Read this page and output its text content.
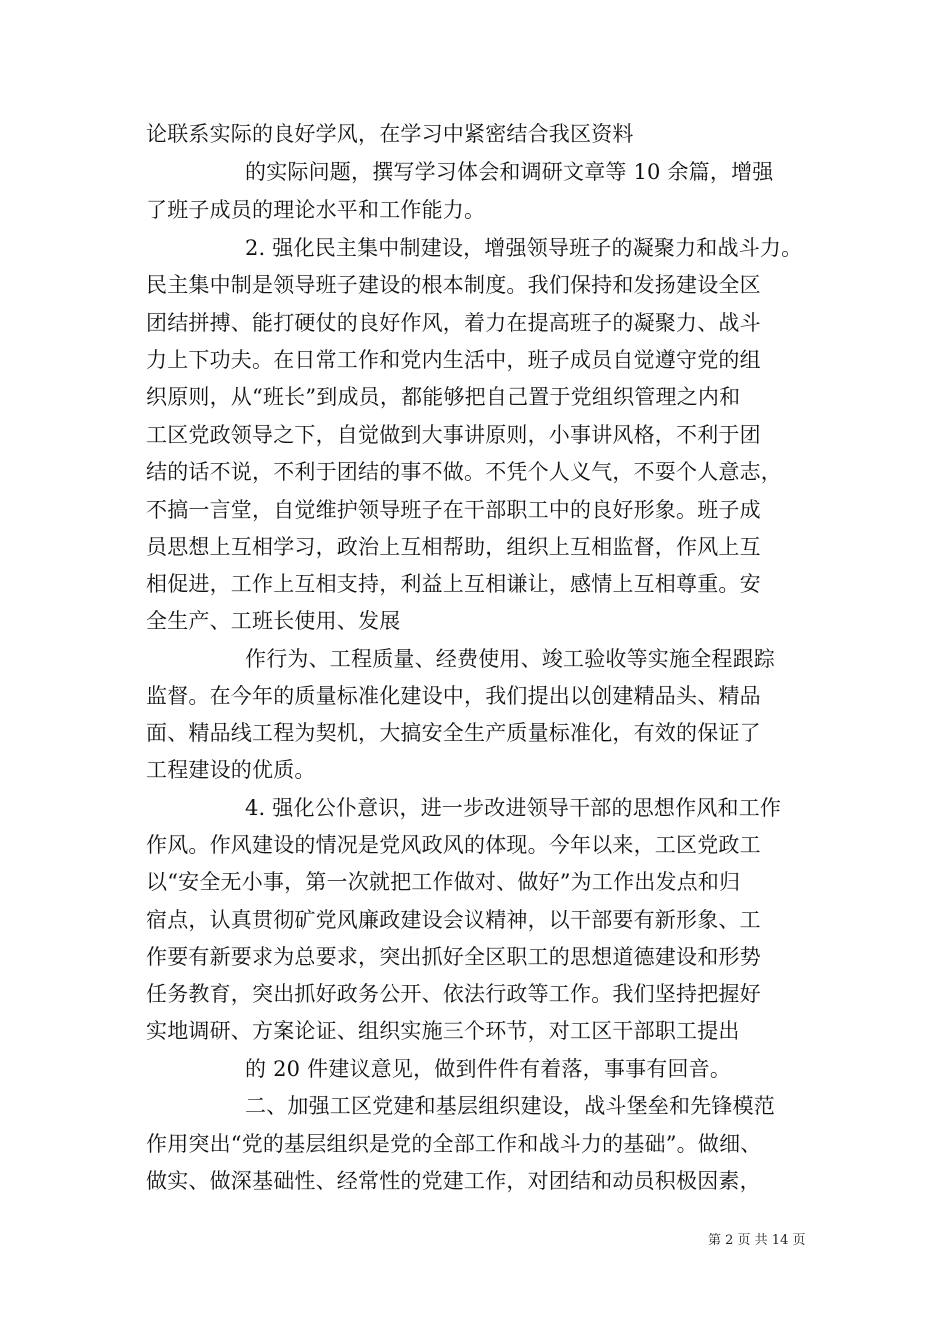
论联系实际的良好学风，在学习中紧密结合我区资料
的实际问题，撰写学习体会和调研文章等 10 余篇，增强
了班子成员的理论水平和工作能力。
2. 强化民主集中制建设，增强领导班子的凝聚力和战斗力。
民主集中制是领导班子建设的根本制度。我们保持和发扬建设全区
团结拼搏、能打硬仗的良好作风，着力在提高班子的凝聚力、战斗
力上下功夫。在日常工作和党内生活中，班子成员自觉遵守党的组
织原则，从“班长”到成员，都能够把自己置于党组织管理之内和
工区党政领导之下，自觉做到大事讲原则，小事讲风格，不利于团
结的话不说，不利于团结的事不做。不凭个人义气，不耍个人意志，
不搞一言堂，自觉维护领导班子在干部职工中的良好形象。班子成
员思想上互相学习，政治上互相帮助，组织上互相监督，作风上互
相促进，工作上互相支持，利益上互相谦让，感情上互相尊重。安
全生产、工班长使用、发展
作行为、工程质量、经费使用、竣工验收等实施全程跟踪
监督。在今年的质量标准化建设中，我们提出以创建精品头、精品
面、精品线工程为契机，大搞安全生产质量标准化，有效的保证了
工程建设的优质。
4. 强化公仆意识，进一步改进领导干部的思想作风和工作
作风。作风建设的情况是党风政风的体现。今年以来，工区党政工
以“安全无小事，第一次就把工作做对、做好”为工作出发点和归
宿点，认真贯彻矿党风廉政建设会议精神，以干部要有新形象、工
作要有新要求为总要求，突出抓好全区职工的思想道德建设和形势
任务教育，突出抓好政务公开、依法行政等工作。我们坚持把握好
实地调研、方案论证、组织实施三个环节，对工区干部职工提出
的 20 件建议意见，做到件件有着落，事事有回音。
二、加强工区党建和基层组织建设，战斗堡垒和先锋模范
作用突出“党的基层组织是党的全部工作和战斗力的基础”。做细、
做实、做深基础性、经常性的党建工作，对团结和动员积极因素，
第 2 页 共 14 页
